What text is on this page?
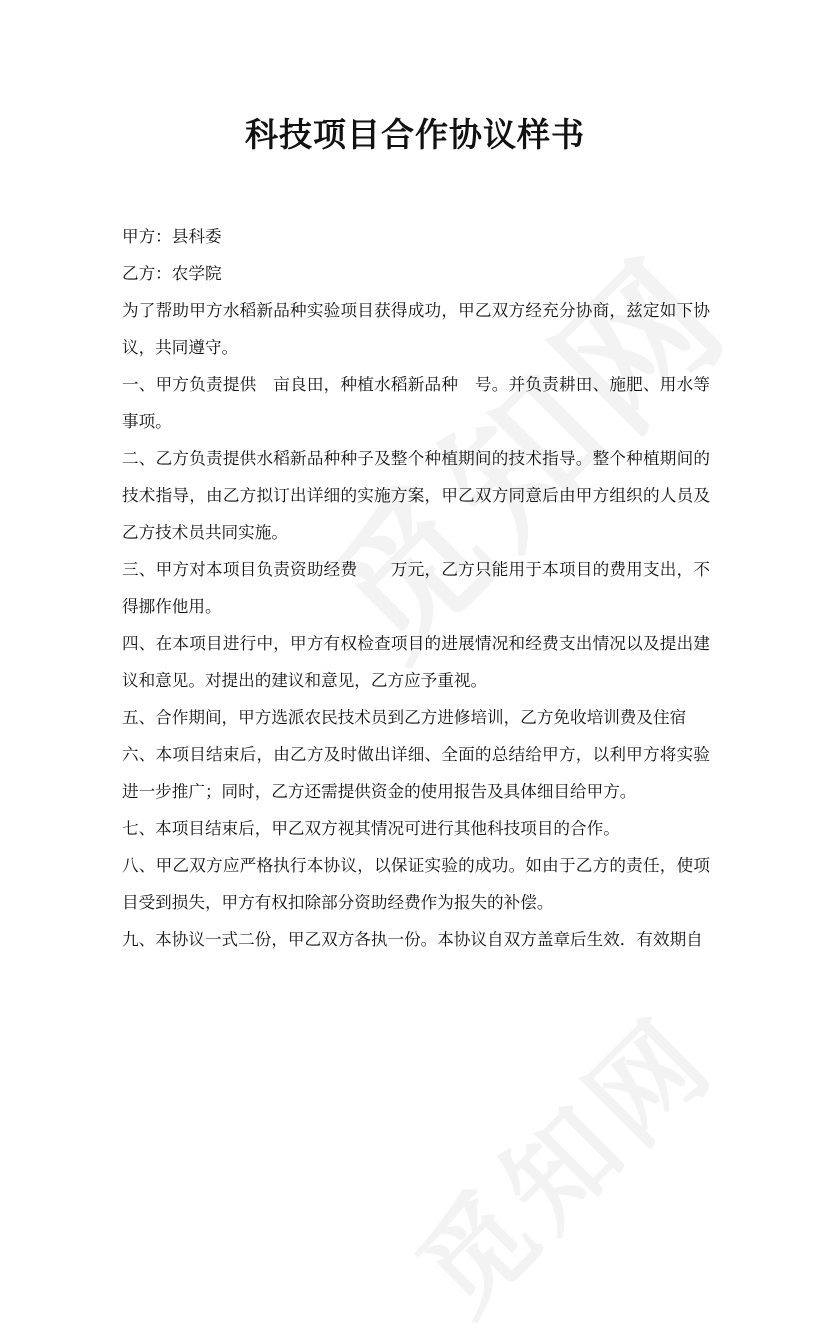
科技项目合作协议样书

甲方：县科委

乙方：农学院

为了帮助甲方水稻新品种实验项目获得成功，甲乙双方经充分协商，兹定如下协议，共同遵守。

一、甲方负责提供　亩良田，种植水稻新品种　号。并负责耕田、施肥、用水等事项。

二、乙方负责提供水稻新品种种子及整个种植期间的技术指导。整个种植期间的技术指导，由乙方拟订出详细的实施方案，甲乙双方同意后由甲方组织的人员及乙方技术员共同实施。

三、甲方对本项目负责资助经费　　万元，乙方只能用于本项目的费用支出，不得挪作他用。

四、在本项目进行中，甲方有权检查项目的进展情况和经费支出情况以及提出建议和意见。对提出的建议和意见，乙方应予重视。

五、合作期间，甲方选派农民技术员到乙方进修培训，乙方免收培训费及住宿

六、本项目结束后，由乙方及时做出详细、全面的总结给甲方，以利甲方将实验进一步推广；同时，乙方还需提供资金的使用报告及具体细目给甲方。

七、本项目结束后，甲乙双方视其情况可进行其他科技项目的合作。

八、甲乙双方应严格执行本协议，以保证实验的成功。如由于乙方的责任，使项目受到损失，甲方有权扣除部分资助经费作为报失的补偿。

九、本协议一式二份，甲乙双方各执一份。本协议自双方盖章后生效．有效期自
